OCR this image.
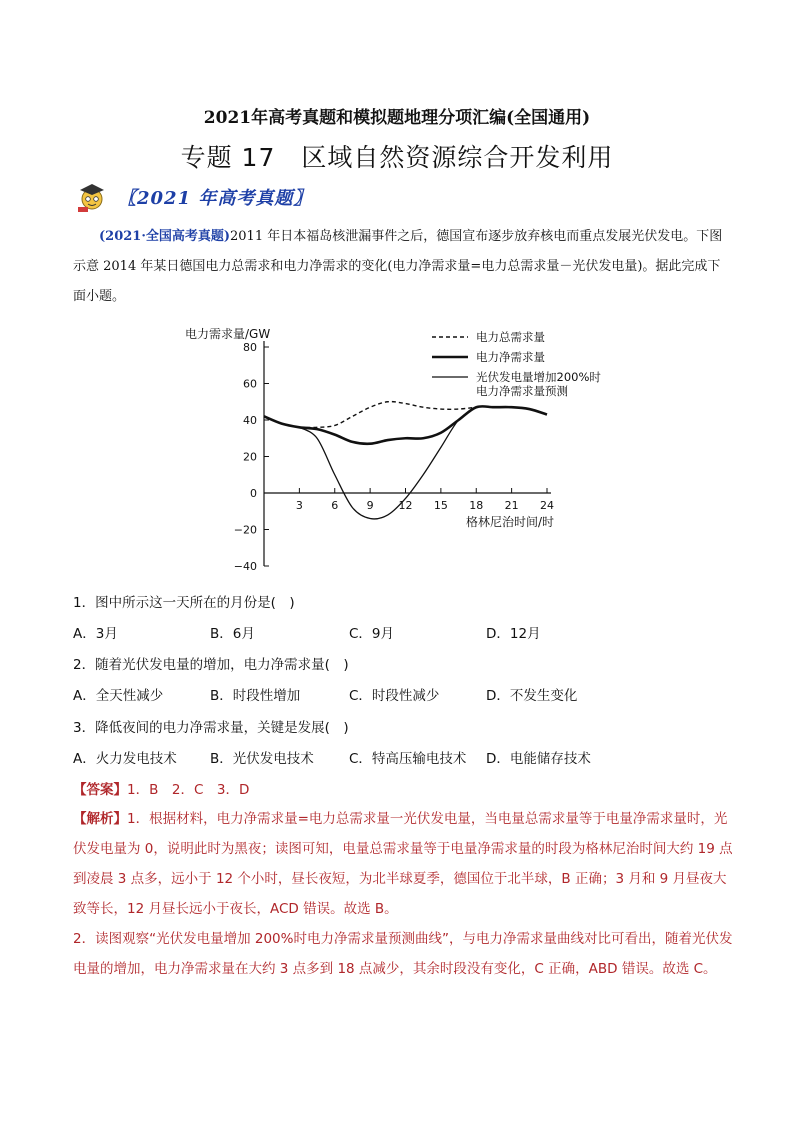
2021年高考真题和模拟题地理分项汇编(全国通用)
专题 17　区域自然资源综合开发利用
〖2021 年高考真题〗
(2021·全国高考真题)2011 年日本福岛核泄漏事件之后，德国宣布逐步放弃核电而重点发展光伏发电。下图示意 2014 年某日德国电力总需求和电力净需求的变化(电力净需求量=电力总需求量－光伏发电量)。据此完成下面小题。
电力需求量/GW
格林尼治时间/时
80
60
40
20
0
−20
−40
3	6	9 12 15 18 21 24
电力总需求量
电力净需求量
光伏发电量增加200%时
电力净需求量预测
1．图中所示这一天所在的月份是(　)
A．3月	B．6月	C．9月	D．12月
2．随着光伏发电量的增加，电力净需求量(　)
A．全天性减少	B．时段性增加	C．时段性减少	D．不发生变化
3．降低夜间的电力净需求量，关键是发展(　)
A．火力发电技术 B．光伏发电技术	C．特高压输电技术 D．电能储存技术
【答案】1．B　2．C　3．D

【解析】1．根据材料，电力净需求量=电力总需求量一光伏发电量，当电量总需求量等于电量净需求量时，光伏发电量为 0，说明此时为黑夜；读图可知，电量总需求量等于电量净需求量的时段为格林尼治时间大约 19 点到凌晨 3 点多，远小于 12 个小时，昼长夜短，为北半球夏季，德国位于北半球，B 正确；3 月和 9 月昼夜大致等长，12 月昼长远小于夜长，ACD 错误。故选 B。

2．读图观察“光伏发电量增加 200%时电力净需求量预测曲线”，与电力净需求量曲线对比可看出，随着光伏发电量的增加，电力净需求量在大约 3 点多到 18 点减少，其余时段没有变化，C 正确，ABD 错误。故选 C。
